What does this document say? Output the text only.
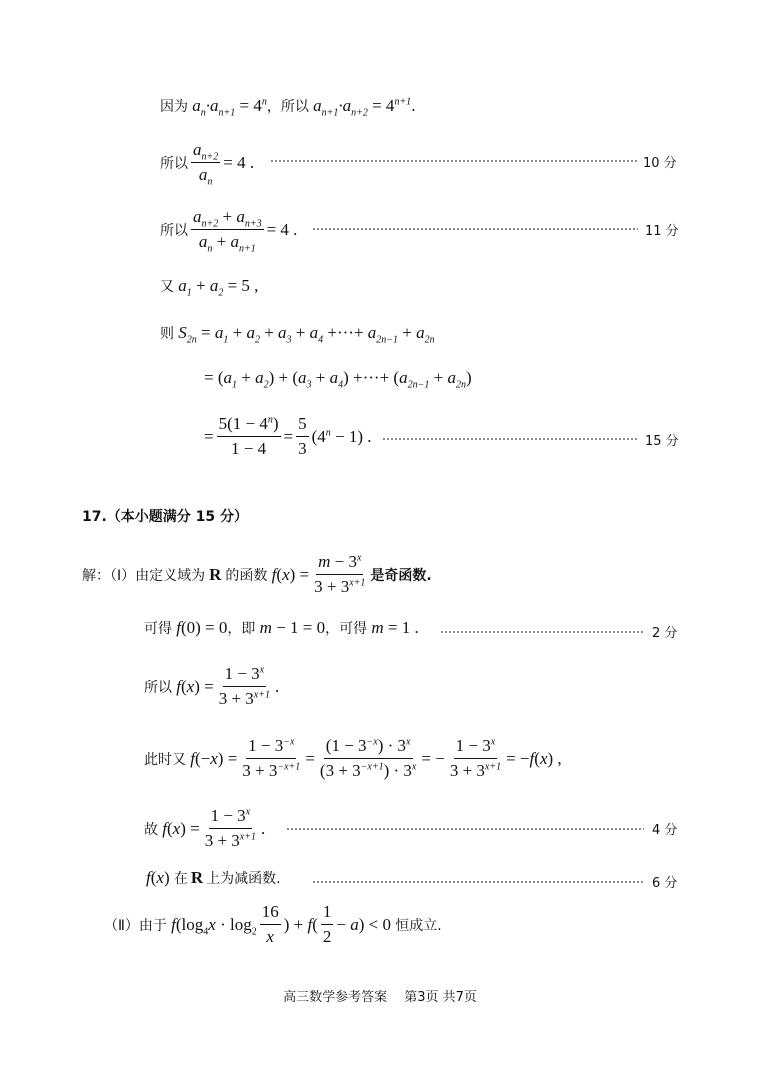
因为 $a_n\cdot a_{n+1} = 4^n$ ，所以 $a_{n+1}\cdot a_{n+2} = 4^{n+1}$.
所以 $\frac{a_{n+2}}{a_n} = 4$ .	10 分
所以 $\frac{a_{n+2} + a_{n+3}}{a_n + a_{n+1}} = 4$ .	11 分
又 $a_1 + a_2 = 5$ ,
则 $S_{2n} = a_1 + a_2 + a_3 + a_4$ +···+ $a_{2n-1} + a_{2n}$
= $(a_1 + a_2) + (a_3 + a_4)$ +···+ $(a_{2n-1} + a_{2n})$
= $\frac{5(1 - 4^n)}{1 - 4} = \frac{5}{3} (4^n - 1)$ .	15 分
17.（本小题满分 15 分）
解：（Ⅰ）由定义域为 R 的函数 $f(x) = \frac{m - 3^x}{3 + 3^{x+1}}$ 是奇函数.
可得 f(0) = 0 ，即 m − 1 = 0 ，可得 m = 1 .	2 分
所以 $f(x) = \frac{1 - 3^x}{3 + 3^{x+1}}$ .
此时又 $f(-x) = \frac{1 - 3^{-x}}{3 + 3^{-x+1}} = \frac{(1 - 3^{-x}) \cdot 3^x}{(3 + 3^{-x+1}) \cdot 3^x}$ = − $\frac{1 - 3^x}{3 + 3^{x+1}} = -f(x)$ ,
故 $f(x) = \frac{1 - 3^x}{3 + 3^{x+1}}$ .	4 分
f(x) 在 R 上为减函数.	6 分
（Ⅱ）由于 $f(\log_4x \cdot \log_2 \frac{16}{x}$ ) + $f( \frac{1}{2} - a) < 0$ 恒成立.
高三数学参考答案　 第3页 共7页
